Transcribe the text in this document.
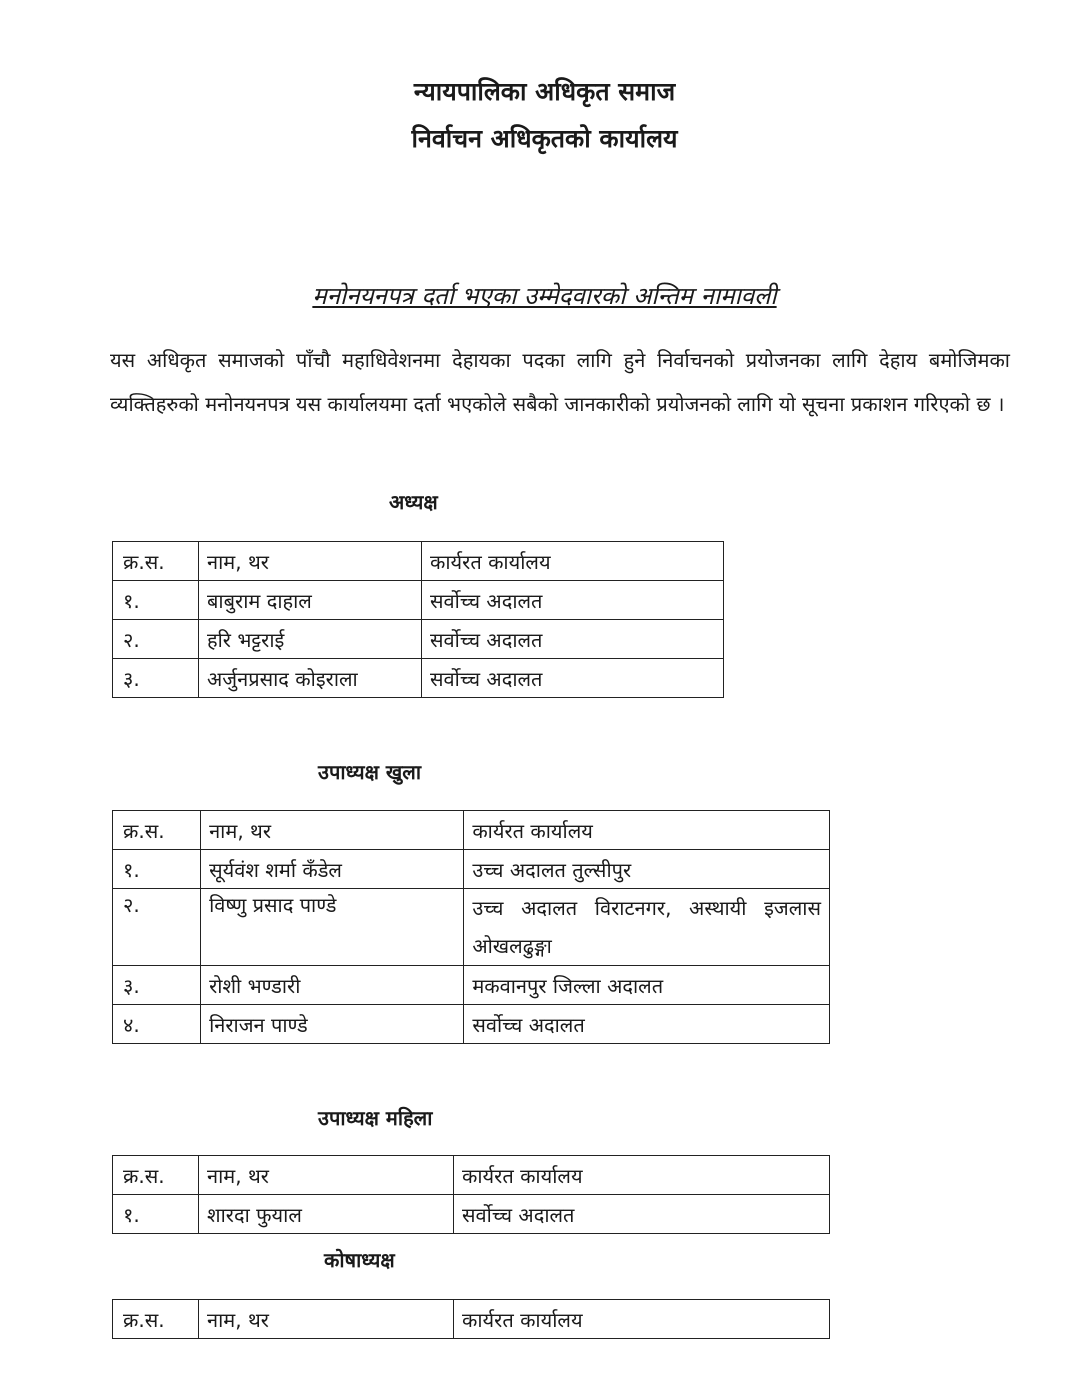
न्यायपालिका अधिकृत समाज
निर्वाचन अधिकृतको कार्यालय
मनोनयनपत्र दर्ता भएका उम्मेदवारको अन्तिम नामावली
यस अधिकृत समाजको पाँचौ महाधिवेशनमा देहायका पदका लागि हुने निर्वाचनको प्रयोजनका लागि देहाय बमोजिमका व्यक्तिहरुको मनोनयनपत्र यस कार्यालयमा दर्ता भएकोले सबैको जानकारीको प्रयोजनको लागि यो सूचना प्रकाशन गरिएको छ ।
अध्यक्ष
क्र.स.	नाम, थर	कार्यरत कार्यालय
१.	बाबुराम दाहाल	सर्वोच्च अदालत
२.	हरि भट्टराई	सर्वोच्च अदालत
३.	अर्जुनप्रसाद कोइराला	सर्वोच्च अदालत
उपाध्यक्ष खुला
क्र.स.	नाम, थर	कार्यरत कार्यालय
१.	सूर्यवंश शर्मा कँडेल	उच्च अदालत तुल्सीपुर
२.	विष्णु प्रसाद पाण्डे	उच्च अदालत विराटनगर, अस्थायी इजलास ओखलढुङ्गा
३.	रोशी भण्डारी	मकवानपुर जिल्ला अदालत
४.	निराजन पाण्डे	सर्वोच्च अदालत
उपाध्यक्ष महिला
क्र.स.	नाम, थर	कार्यरत कार्यालय
१.	शारदा फुयाल	सर्वोच्च अदालत
कोषाध्यक्ष
क्र.स.	नाम, थर	कार्यरत कार्यालय
